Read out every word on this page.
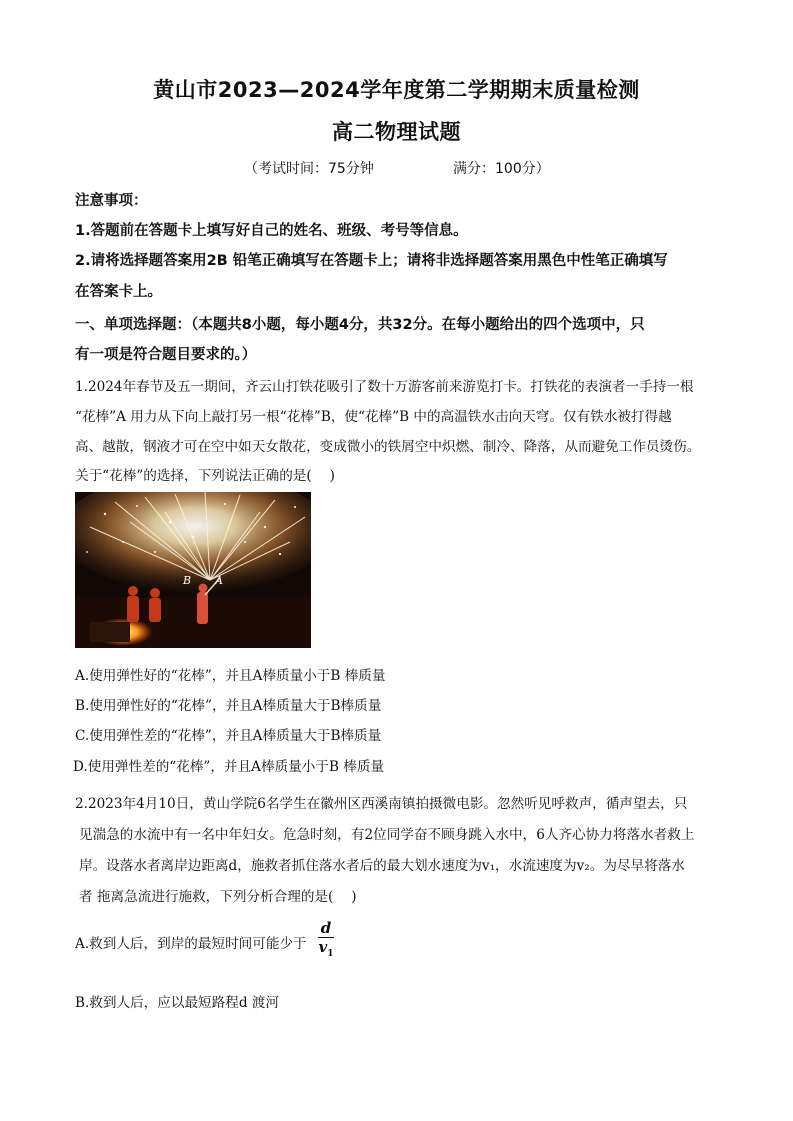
黄山市2023—2024学年度第二学期期末质量检测
高二物理试题
（考试时间：75分钟	满分：100分）
注意事项：
1.答题前在答题卡上填写好自己的姓名、班级、考号等信息。
2.请将选择题答案用2B 铅笔正确填写在答题卡上；请将非选择题答案用黑色中性笔正确填写
在答案卡上。
一、单项选择题：（本题共8小题，每小题4分，共32分。在每小题给出的四个选项中，只
有一项是符合题目要求的。）
1.2024年春节及五一期间，齐云山打铁花吸引了数十万游客前来游览打卡。打铁花的表演者一手持一根
“花棒”A 用力从下向上敲打另一根“花棒”B，使“花棒”B 中的高温铁水击向天穹。仅有铁水被打得越
高、越散，钢液才可在空中如天女散花，变成微小的铁屑空中炽燃、制冷、降落，从而避免工作员烫伤。
关于“花棒”的选择，下列说法正确的是(　 )
B A
A.使用弹性好的“花棒”，并且A棒质量小于B 棒质量
B.使用弹性好的“花棒”，并且A棒质量大于B棒质量
C.使用弹性差的“花棒”，并且A棒质量大于B棒质量
D.使用弹性差的“花棒”，并且A棒质量小于B 棒质量
2.2023年4月10日，黄山学院6名学生在徽州区西溪南镇拍摄微电影。忽然听见呼救声，循声望去，只
见湍急的水流中有一名中年妇女。危急时刻，有2位同学奋不顾身跳入水中，6人齐心协力将落水者救上
岸。设落水者离岸边距离d，施救者抓住落水者后的最大划水速度为v₁，水流速度为v₂。为尽早将落水
者 拖离急流进行施救，下列分析合理的是(　 )
A.救到人后，到岸的最短时间可能少于
d
$v_1$
B.救到人后，应以最短路程d 渡河
